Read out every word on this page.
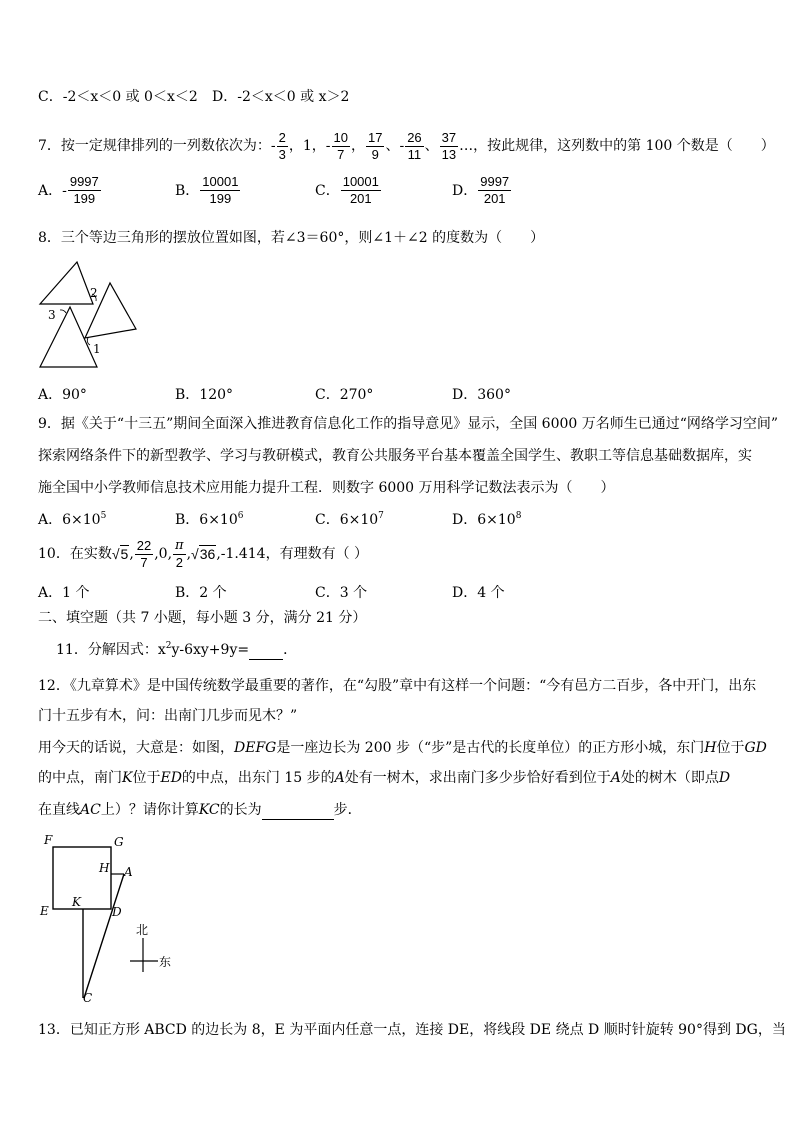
C．-2＜x＜0 或 0＜x＜2 D．-2＜x＜0 或 x＞2
7．按一定规律排列的一列数依次为：- $\frac{2}{3}$ ，1，- $\frac{10}{7}$ ， $\frac{17}{9}$ 、- $\frac{26}{11}$ 、 $\frac{37}{13}$ …，按此规律，这列数中的第 100 个数是（　　）
A．- $\frac{9997}{199}$	B． $\frac{10001}{199}$	C． $\frac{10001}{201}$	D． $\frac{9997}{201}$
8．三个等边三角形的摆放位置如图，若∠3＝60°，则∠1＋∠2 的度数为（　　）
2
3
1
A．90°	B．120°	C．270°	D．360°
9．据《关于“十三五”期间全面深入推进教育信息化工作的指导意见》显示，全国 6000 万名师生已通过“网络学习空间”
探索网络条件下的新型教学、学习与教研模式，教育公共服务平台基本覆盖全国学生、教职工等信息基础数据库，实
施全国中小学教师信息技术应用能力提升工程．则数字 6000 万用科学记数法表示为（　　）
A．$6\times 10^5$	B．$6\times 10^6$	C．$6\times 10^7$	D．$6\times 10^8$
10．在实数 √5 , $\frac{22}{7} ,0$, $\frac{\pi}{2}$ , √36 ,-1.414 ，有理数有（ ）
A．1 个	B．2 个	C．3 个	D．4 个
二、填空题（共 7 小题，每小题 3 分，满分 21 分）
11．分解因式：$x^2y-6xy+9y=$ ．
12．《九章算术》是中国传统数学最重要的著作，在“勾股”章中有这样一个问题：“今有邑方二百步，各中开门，出东
门十五步有木，问：出南门几步而见木？”
用今天的话说，大意是：如图，DEFG是一座边长为 200 步（“步”是古代的长度单位）的正方形小城，东门H位于GD
的中点，南门K位于ED的中点，出东门 15 步的A处有一树木，求出南门多少步恰好看到位于A处的树木（即点D
在直线AC上）？请你计算KC的长为	步．
F	G
H A
E
K
D
C
北
东
13．已知正方形 ABCD 的边长为 8，E 为平面内任意一点，连接 DE，将线段 DE 绕点 D 顺时针旋转 90°得到 DG，当
